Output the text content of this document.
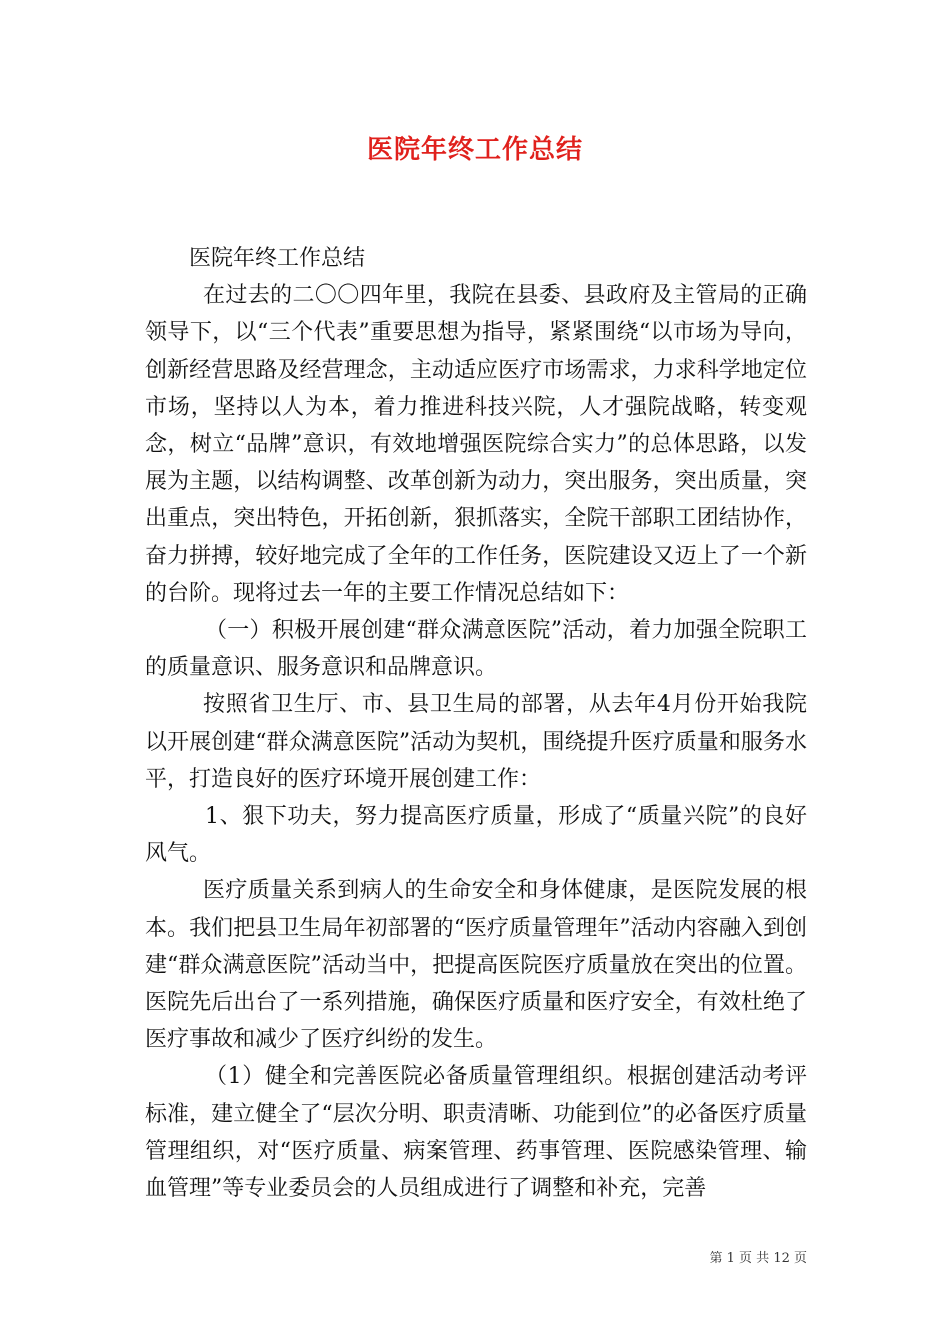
医院年终工作总结

医院年终工作总结

在过去的二〇〇四年里，我院在县委、县政府及主管局的正确领导下，以“三个代表”重要思想为指导，紧紧围绕“以市场为导向，创新经营思路及经营理念，主动适应医疗市场需求，力求科学地定位市场，坚持以人为本，着力推进科技兴院，人才强院战略，转变观念，树立“品牌”意识，有效地增强医院综合实力”的总体思路，以发展为主题，以结构调整、改革创新为动力，突出服务，突出质量，突出重点，突出特色，开拓创新，狠抓落实，全院干部职工团结协作，奋力拼搏，较好地完成了全年的工作任务，医院建设又迈上了一个新的台阶。现将过去一年的主要工作情况总结如下：

（一）积极开展创建“群众满意医院”活动，着力加强全院职工的质量意识、服务意识和品牌意识。

按照省卫生厅、市、县卫生局的部署，从去年4月份开始我院以开展创建“群众满意医院”活动为契机，围绕提升医疗质量和服务水平，打造良好的医疗环境开展创建工作：

1、狠下功夫，努力提高医疗质量，形成了“质量兴院”的良好风气。

医疗质量关系到病人的生命安全和身体健康，是医院发展的根本。我们把县卫生局年初部署的“医疗质量管理年”活动内容融入到创建“群众满意医院”活动当中，把提高医院医疗质量放在突出的位置。医院先后出台了一系列措施，确保医疗质量和医疗安全，有效杜绝了医疗事故和减少了医疗纠纷的发生。

（1）健全和完善医院必备质量管理组织。根据创建活动考评标准，建立健全了“层次分明、职责清晰、功能到位”的必备医疗质量管理组织，对“医疗质量、病案管理、药事管理、医院感染管理、输血管理”等专业委员会的人员组成进行了调整和补充，完善

第 1 页 共 12 页
